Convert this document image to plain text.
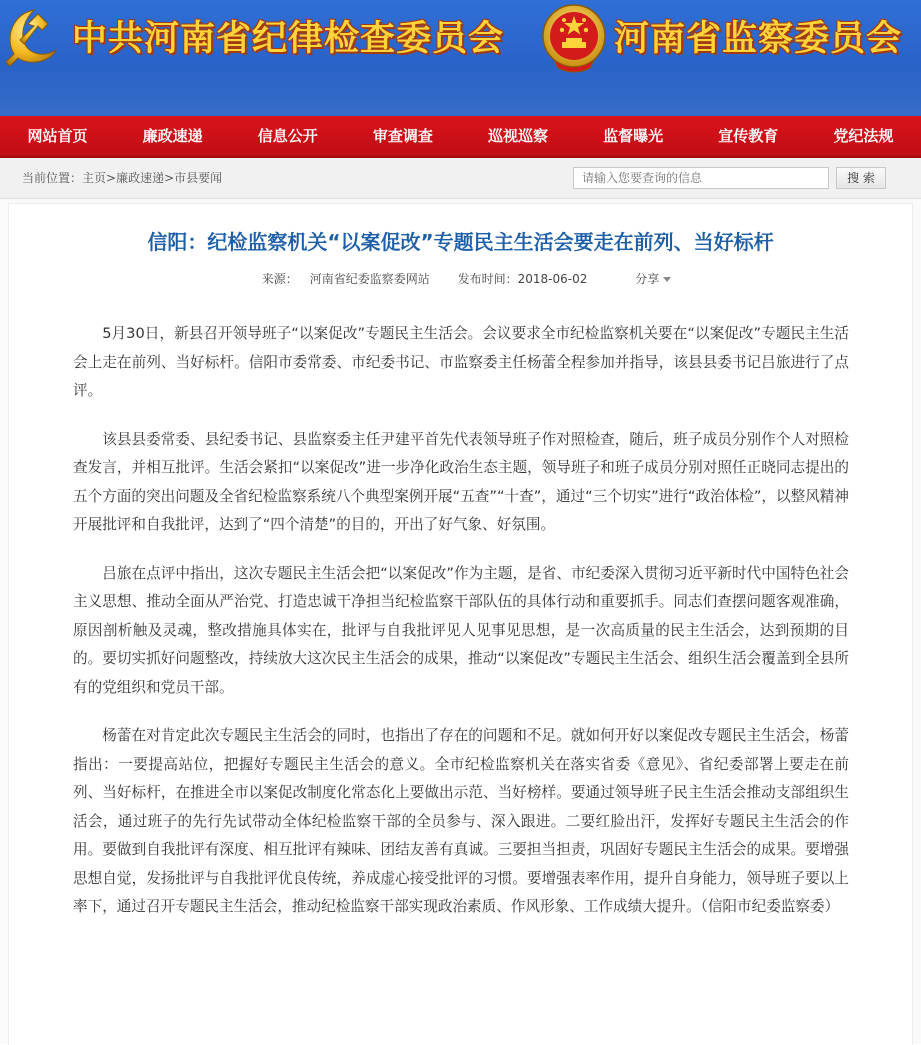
中共河南省纪律检查委员会	河南省监察委员会
网站首页	廉政速递	信息公开	审查调查	巡视巡察	监督曝光	宣传教育	党纪法规
当前位置：主页>廉政速递>市县要闻
请输入您要查询的信息	搜 索
信阳：纪检监察机关“以案促改”专题民主生活会要走在前列、当好标杆
来源： 河南省纪委监察委网站 发布时间：2018-06-02	分享

5月30日，新县召开领导班子“以案促改”专题民主生活会。会议要求全市纪检监察机关要在“以案促改”专题民主生活会上走在前列、当好标杆。信阳市委常委、市纪委书记、市监察委主任杨蕾全程参加并指导，该县县委书记吕旅进行了点评。

该县县委常委、县纪委书记、县监察委主任尹建平首先代表领导班子作对照检查，随后，班子成员分别作个人对照检查发言，并相互批评。生活会紧扣“以案促改”进一步净化政治生态主题，领导班子和班子成员分别对照任正晓同志提出的五个方面的突出问题及全省纪检监察系统八个典型案例开展“五查”“十查”，通过“三个切实”进行“政治体检”，以整风精神开展批评和自我批评，达到了“四个清楚”的目的，开出了好气象、好氛围。

吕旅在点评中指出，这次专题民主生活会把“以案促改”作为主题，是省、市纪委深入贯彻习近平新时代中国特色社会主义思想、推动全面从严治党、打造忠诚干净担当纪检监察干部队伍的具体行动和重要抓手。同志们查摆问题客观准确，原因剖析触及灵魂，整改措施具体实在，批评与自我批评见人见事见思想，是一次高质量的民主生活会，达到预期的目的。要切实抓好问题整改，持续放大这次民主生活会的成果，推动“以案促改”专题民主生活会、组织生活会覆盖到全县所有的党组织和党员干部。

杨蕾在对肯定此次专题民主生活会的同时，也指出了存在的问题和不足。就如何开好以案促改专题民主生活会，杨蕾指出：一要提高站位，把握好专题民主生活会的意义。全市纪检监察机关在落实省委《意见》、省纪委部署上要走在前列、当好标杆，在推进全市以案促改制度化常态化上要做出示范、当好榜样。要通过领导班子民主生活会推动支部组织生活会，通过班子的先行先试带动全体纪检监察干部的全员参与、深入跟进。二要红脸出汗，发挥好专题民主生活会的作用。要做到自我批评有深度、相互批评有辣味、团结友善有真诚。三要担当担责，巩固好专题民主生活会的成果。要增强思想自觉，发扬批评与自我批评优良传统，养成虚心接受批评的习惯。要增强表率作用，提升自身能力，领导班子要以上率下，通过召开专题民主生活会，推动纪检监察干部实现政治素质、作风形象、工作成绩大提升。（信阳市纪委监察委）
